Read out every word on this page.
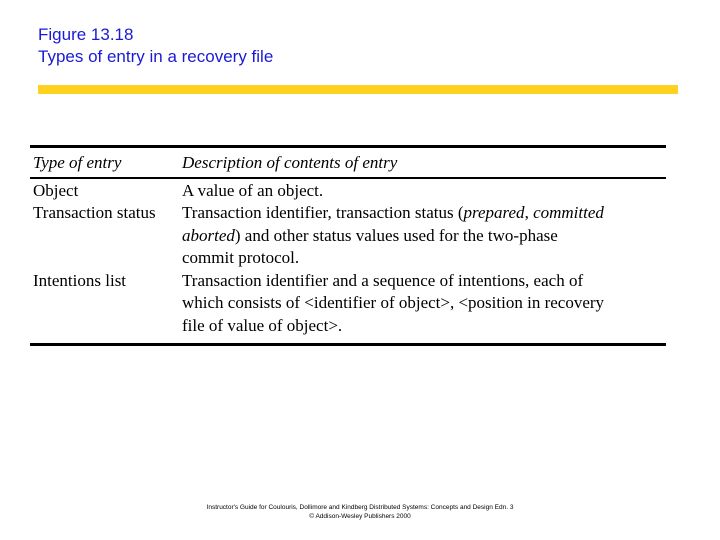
Figure 13.18
Types of entry in a recovery file
Type of entry	Description of contents of entry
Object	A value of an object.
Transaction status	Transaction identifier, transaction status (prepared, committed
aborted) and other status values used for the two-phase
commit protocol.
Intentions list	Transaction identifier and a sequence of intentions, each of
which consists of <identifier of object>, <position in recovery
file of value of object>.
Instructor's Guide for Coulouris, Dollimore and Kindberg Distributed Systems: Concepts and Design Edn. 3
© Addison-Wesley Publishers 2000
